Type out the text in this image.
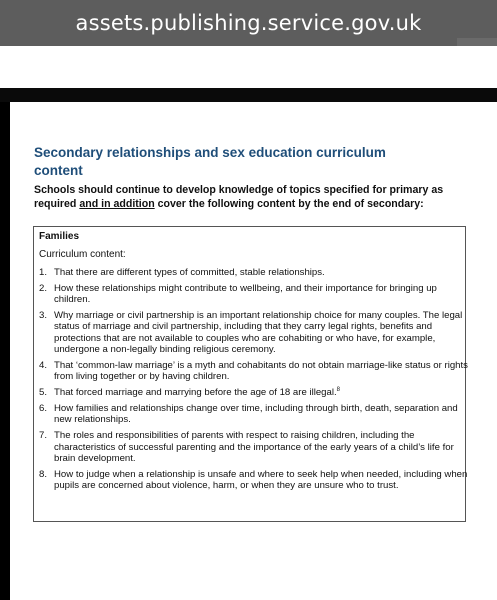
assets.publishing.service.gov.uk
Secondary relationships and sex education curriculum content
Schools should continue to develop knowledge of topics specified for primary as required and in addition cover the following content by the end of secondary:
Families
Curriculum content:
1. That there are different types of committed, stable relationships.
2. How these relationships might contribute to wellbeing, and their importance for bringing up children.
3. Why marriage or civil partnership is an important relationship choice for many couples. The legal status of marriage and civil partnership, including that they carry legal rights, benefits and protections that are not available to couples who are cohabiting or who have, for example, undergone a non-legally binding religious ceremony.
4. That ‘common-law marriage’ is a myth and cohabitants do not obtain marriage-like status or rights from living together or by having children.
5. That forced marriage and marrying before the age of 18 are illegal.$^8$
6. How families and relationships change over time, including through birth, death, separation and new relationships.
7. The roles and responsibilities of parents with respect to raising children, including the characteristics of successful parenting and the importance of the early years of a child’s life for brain development.
8. How to judge when a relationship is unsafe and where to seek help when needed, including when pupils are concerned about violence, harm, or when they are unsure who to trust.
